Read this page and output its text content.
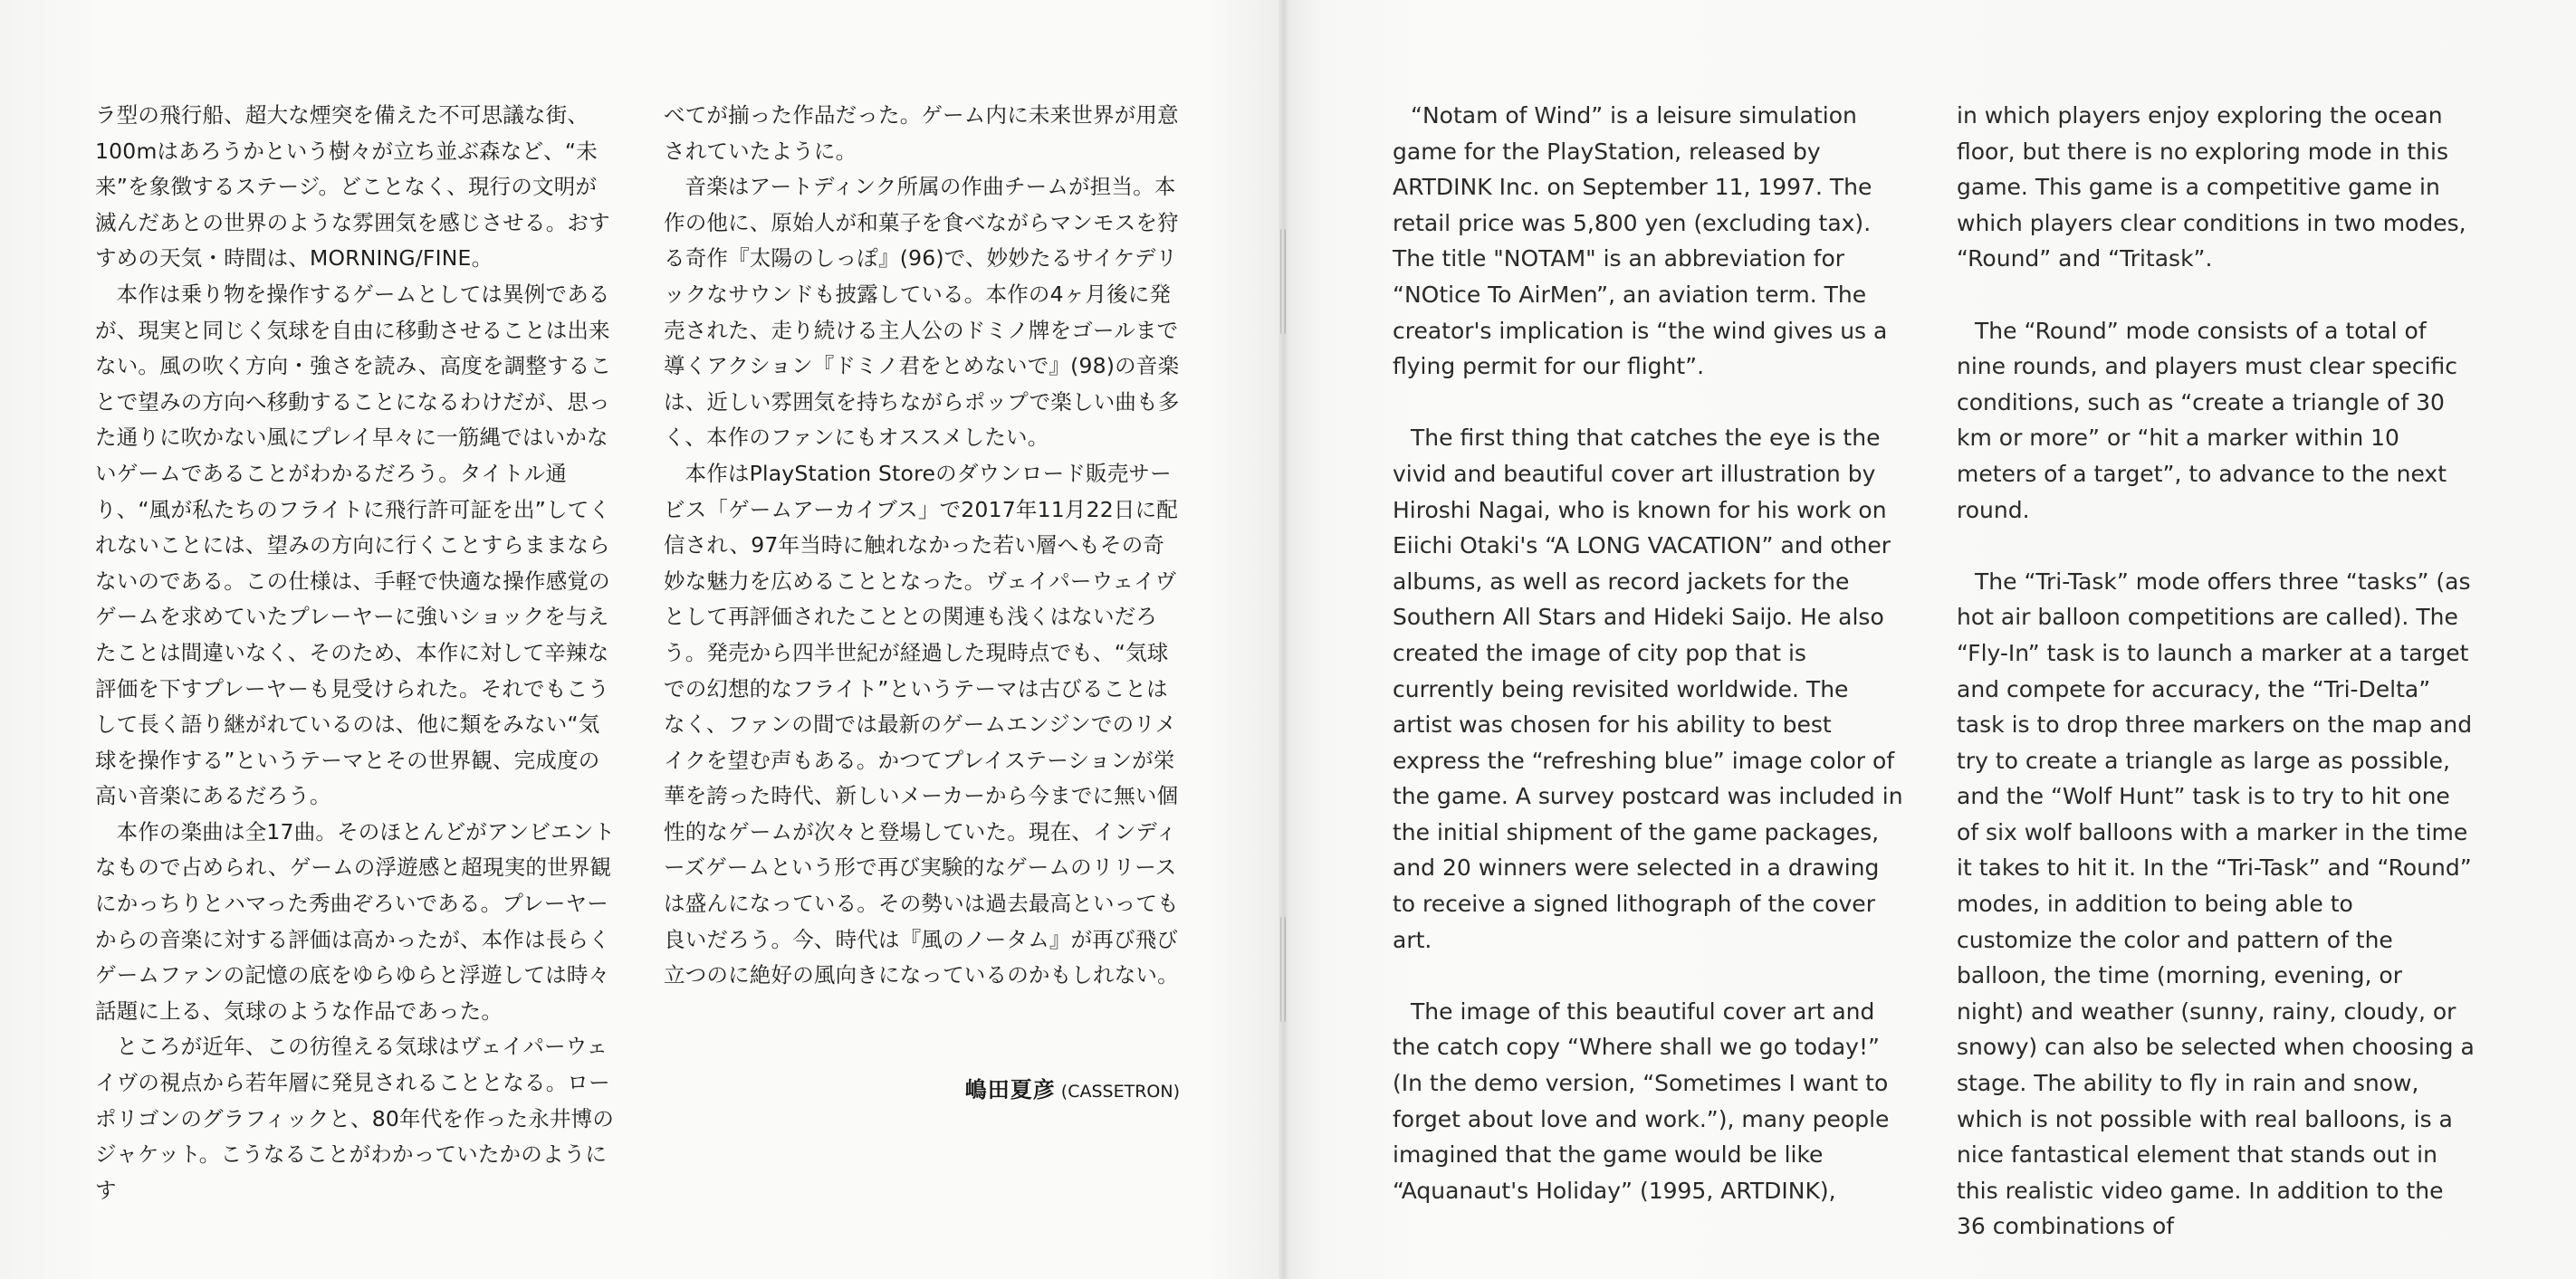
ラ型の飛行船、超大な煙突を備えた不可思議な街、100mはあろうかという樹々が立ち並ぶ森など、“未来”を象徴するステージ。どことなく、現行の文明が滅んだあとの世界のような雰囲気を感じさせる。おすすめの天気・時間は、MORNING/FINE。

本作は乗り物を操作するゲームとしては異例であるが、現実と同じく気球を自由に移動させることは出来ない。風の吹く方向・強さを読み、高度を調整することで望みの方向へ移動することになるわけだが、思った通りに吹かない風にプレイ早々に一筋縄ではいかないゲームであることがわかるだろう。タイトル通り、“風が私たちのフライトに飛行許可証を出”してくれないことには、望みの方向に行くことすらままならないのである。この仕様は、手軽で快適な操作感覚のゲームを求めていたプレーヤーに強いショックを与えたことは間違いなく、そのため、本作に対して辛辣な評価を下すプレーヤーも見受けられた。それでもこうして長く語り継がれているのは、他に類をみない“気球を操作する”というテーマとその世界観、完成度の高い音楽にあるだろう。

本作の楽曲は全17曲。そのほとんどがアンビエントなもので占められ、ゲームの浮遊感と超現実的世界観にかっちりとハマった秀曲ぞろいである。プレーヤーからの音楽に対する評価は高かったが、本作は長らくゲームファンの記憶の底をゆらゆらと浮遊しては時々話題に上る、気球のような作品であった。

ところが近年、この彷徨える気球はヴェイパーウェイヴの視点から若年層に発見されることとなる。ローポリゴンのグラフィックと、80年代を作った永井博のジャケット。こうなることがわかっていたかのようにす

べてが揃った作品だった。ゲーム内に未来世界が用意されていたように。

音楽はアートディンク所属の作曲チームが担当。本作の他に、原始人が和菓子を食べながらマンモスを狩る奇作『太陽のしっぽ』(96)で、妙妙たるサイケデリックなサウンドも披露している。本作の4ヶ月後に発売された、走り続ける主人公のドミノ牌をゴールまで導くアクション『ドミノ君をとめないで』(98)の音楽は、近しい雰囲気を持ちながらポップで楽しい曲も多く、本作のファンにもオススメしたい。

本作はPlayStation Storeのダウンロード販売サービス「ゲームアーカイブス」で2017年11月22日に配信され、97年当時に触れなかった若い層へもその奇妙な魅力を広めることとなった。ヴェイパーウェイヴとして再評価されたこととの関連も浅くはないだろう。発売から四半世紀が経過した現時点でも、“気球での幻想的なフライト”というテーマは古びることはなく、ファンの間では最新のゲームエンジンでのリメイクを望む声もある。かつてプレイステーションが栄華を誇った時代、新しいメーカーから今までに無い個性的なゲームが次々と登場していた。現在、インディーズゲームという形で再び実験的なゲームのリリースは盛んになっている。その勢いは過去最高といっても良いだろう。今、時代は『風のノータム』が再び飛び立つのに絶好の風向きになっているのかもしれない。

嶋田夏彦 (CASSETRON)

“Notam of Wind” is a leisure simulation game for the PlayStation, released by ARTDINK Inc. on September 11, 1997. The retail price was 5,800 yen (excluding tax). The title "NOTAM" is an abbreviation for “NOtice To AirMen”, an aviation term. The creator's implication is “the wind gives us a flying permit for our flight”.

The first thing that catches the eye is the vivid and beautiful cover art illustration by Hiroshi Nagai, who is known for his work on Eiichi Otaki's “A LONG VACATION” and other albums, as well as record jackets for the Southern All Stars and Hideki Saijo. He also created the image of city pop that is currently being revisited worldwide. The artist was chosen for his ability to best express the “refreshing blue” image color of the game. A survey postcard was included in the initial shipment of the game packages, and 20 winners were selected in a drawing to receive a signed lithograph of the cover art.

The image of this beautiful cover art and the catch copy “Where shall we go today!” (In the demo version, “Sometimes I want to forget about love and work.”), many people imagined that the game would be like “Aquanaut's Holiday” (1995, ARTDINK),

in which players enjoy exploring the ocean floor, but there is no exploring mode in this game. This game is a competitive game in which players clear conditions in two modes, “Round” and “Tritask”.

The “Round” mode consists of a total of nine rounds, and players must clear specific conditions, such as “create a triangle of 30 km or more” or “hit a marker within 10 meters of a target”, to advance to the next round.

The “Tri-Task” mode offers three “tasks” (as hot air balloon competitions are called). The “Fly-In” task is to launch a marker at a target and compete for accuracy, the “Tri-Delta” task is to drop three markers on the map and try to create a triangle as large as possible, and the “Wolf Hunt” task is to try to hit one of six wolf balloons with a marker in the time it takes to hit it. In the “Tri-Task” and “Round” modes, in addition to being able to customize the color and pattern of the balloon, the time (morning, evening, or night) and weather (sunny, rainy, cloudy, or snowy) can also be selected when choosing a stage. The ability to fly in rain and snow, which is not possible with real balloons, is a nice fantastical element that stands out in this realistic video game. In addition to the 36 combinations of
